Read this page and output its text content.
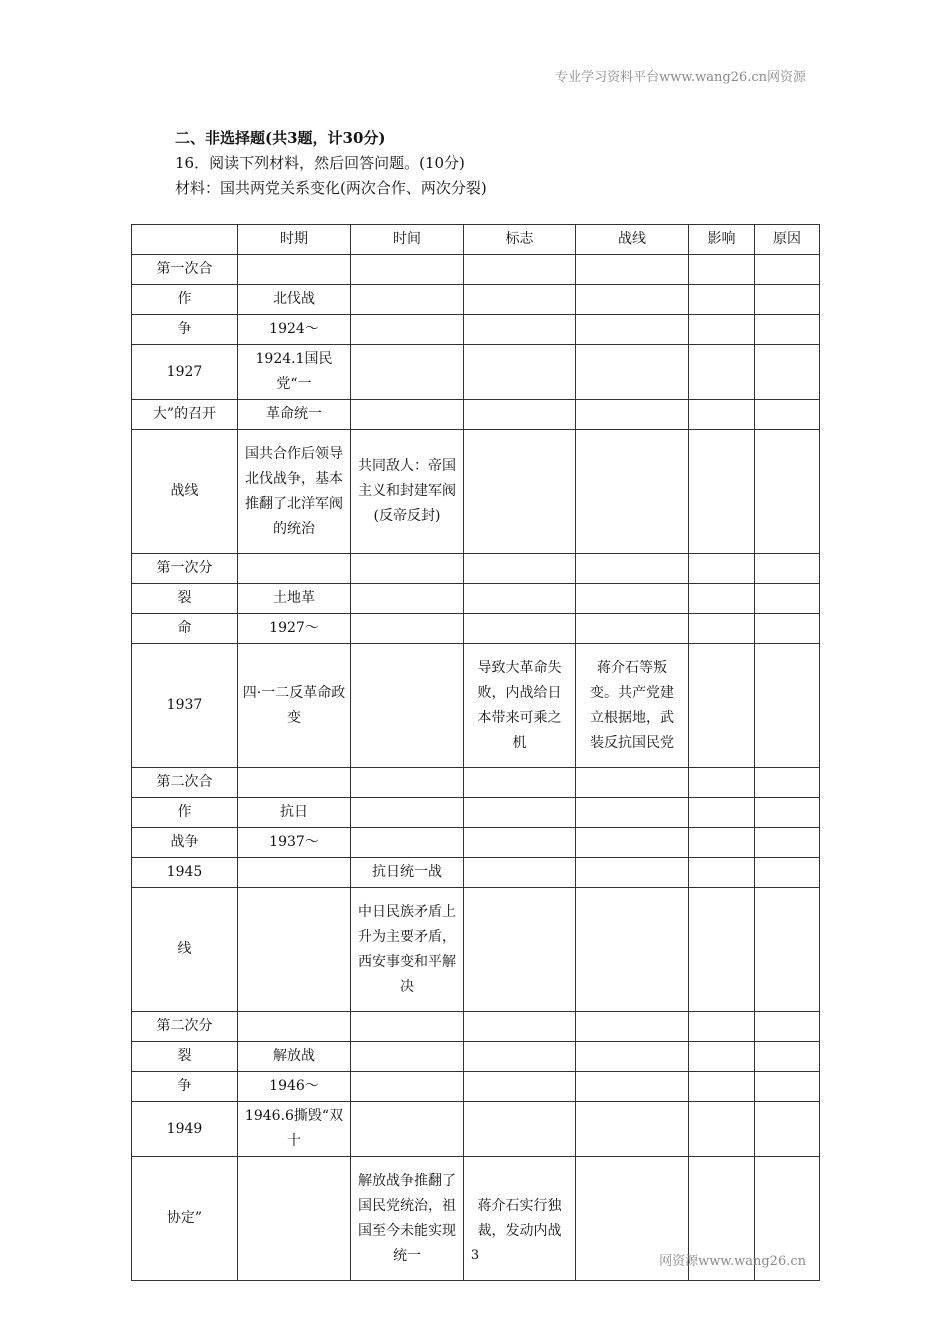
专业学习资料平台www.wang26.cn网资源
二、非选择题(共3题，计30分)
16．阅读下列材料，然后回答问题。(10分)
材料：国共两党关系变化(两次合作、两次分裂)
	时期	时间	标志	战线	影响	原因
第一次合						
作	北伐战					
争	1924～					
1927	1924.1国民党“一					
大”的召开	革命统一					
战线	国共合作后领导北伐战争，基本推翻了北洋军阀的统治	共同敌人：帝国主义和封建军阀(反帝反封)				
第一次分						
裂	土地革					
命	1927～					
1937	四·一二反革命政变		导致大革命失败，内战给日本带来可乘之机	蒋介石等叛变。共产党建立根据地，武装反抗国民党		
第二次合						
作	抗日					
战争	1937～					
1945		抗日统一战				
线		中日民族矛盾上升为主要矛盾，西安事变和平解决				
第二次分						
裂	解放战					
争	1946～					
1949	1946.6撕毁“双十					
协定”		解放战争推翻了国民党统治，祖国至今未能实现统一	蒋介石实行独裁，发动内战			
3	网资源www.wang26.cn
